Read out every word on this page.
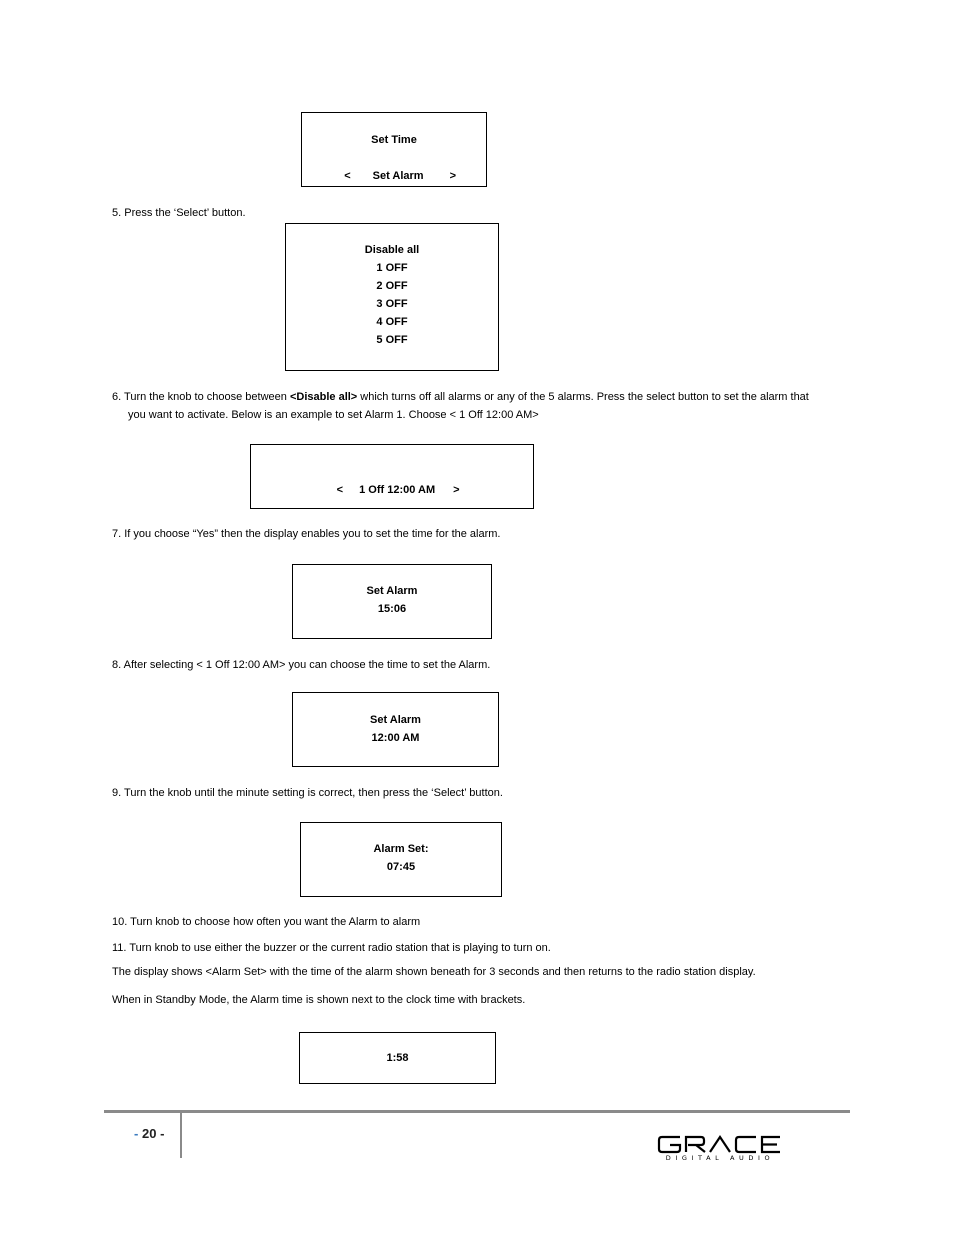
Set Time

< Set Alarm >

5. Press the ‘Select’ button.
Disable all
1 OFF
2 OFF
3 OFF
4 OFF
5 OFF
6. Turn the knob to choose between <Disable all> which turns off all alarms or any of the 5 alarms. Press the select button to set the alarm that
you want to activate. Below is an example to set Alarm 1. Choose < 1 Off 12:00 AM>

< 1 Off 12:00 AM >

7. If you choose “Yes” then the display enables you to set the time for the alarm.
Set Alarm
15:06
8. After selecting < 1 Off 12:00 AM> you can choose the time to set the Alarm.
Set Alarm
12:00 AM
9. Turn the knob until the minute setting is correct, then press the ‘Select’ button.
Alarm Set:
07:45
10. Turn knob to choose how often you want the Alarm to alarm
11. Turn knob to use either the buzzer or the current radio station that is playing to turn on.
The display shows <Alarm Set> with the time of the alarm shown beneath for 3 seconds and then returns to the radio station display.
When in Standby Mode, the Alarm time is shown next to the clock time with brackets.
1:58
- 20 -
DIGITAL AUDIO
